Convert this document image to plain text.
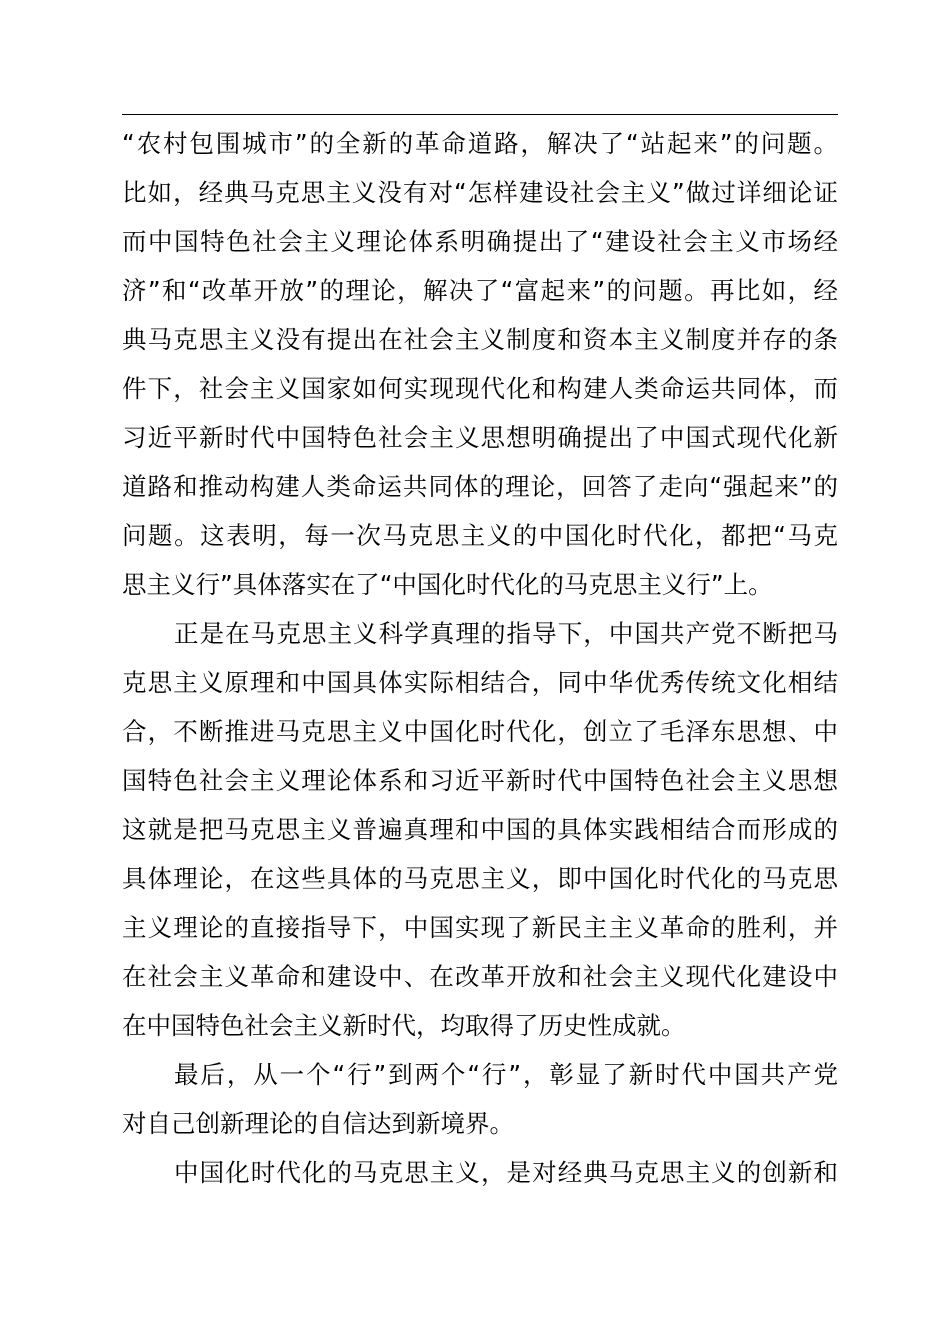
“农村包围城市”的全新的革命道路，解决了“站起来”的问题。
比如，经典马克思主义没有对“怎样建设社会主义”做过详细论证
而中国特色社会主义理论体系明确提出了“建设社会主义市场经
济”和“改革开放”的理论，解决了“富起来”的问题。再比如，经
典马克思主义没有提出在社会主义制度和资本主义制度并存的条
件下，社会主义国家如何实现现代化和构建人类命运共同体，而
习近平新时代中国特色社会主义思想明确提出了中国式现代化新
道路和推动构建人类命运共同体的理论，回答了走向“强起来”的
问题。这表明，每一次马克思主义的中国化时代化，都把“马克
思主义行”具体落实在了“中国化时代化的马克思主义行”上。
正是在马克思主义科学真理的指导下，中国共产党不断把马
克思主义原理和中国具体实际相结合，同中华优秀传统文化相结
合，不断推进马克思主义中国化时代化，创立了毛泽东思想、中
国特色社会主义理论体系和习近平新时代中国特色社会主义思想
这就是把马克思主义普遍真理和中国的具体实践相结合而形成的
具体理论，在这些具体的马克思主义，即中国化时代化的马克思
主义理论的直接指导下，中国实现了新民主主义革命的胜利，并
在社会主义革命和建设中、在改革开放和社会主义现代化建设中
在中国特色社会主义新时代，均取得了历史性成就。
最后，从一个“行”到两个“行”，彰显了新时代中国共产党
对自己创新理论的自信达到新境界。
中国化时代化的马克思主义，是对经典马克思主义的创新和
